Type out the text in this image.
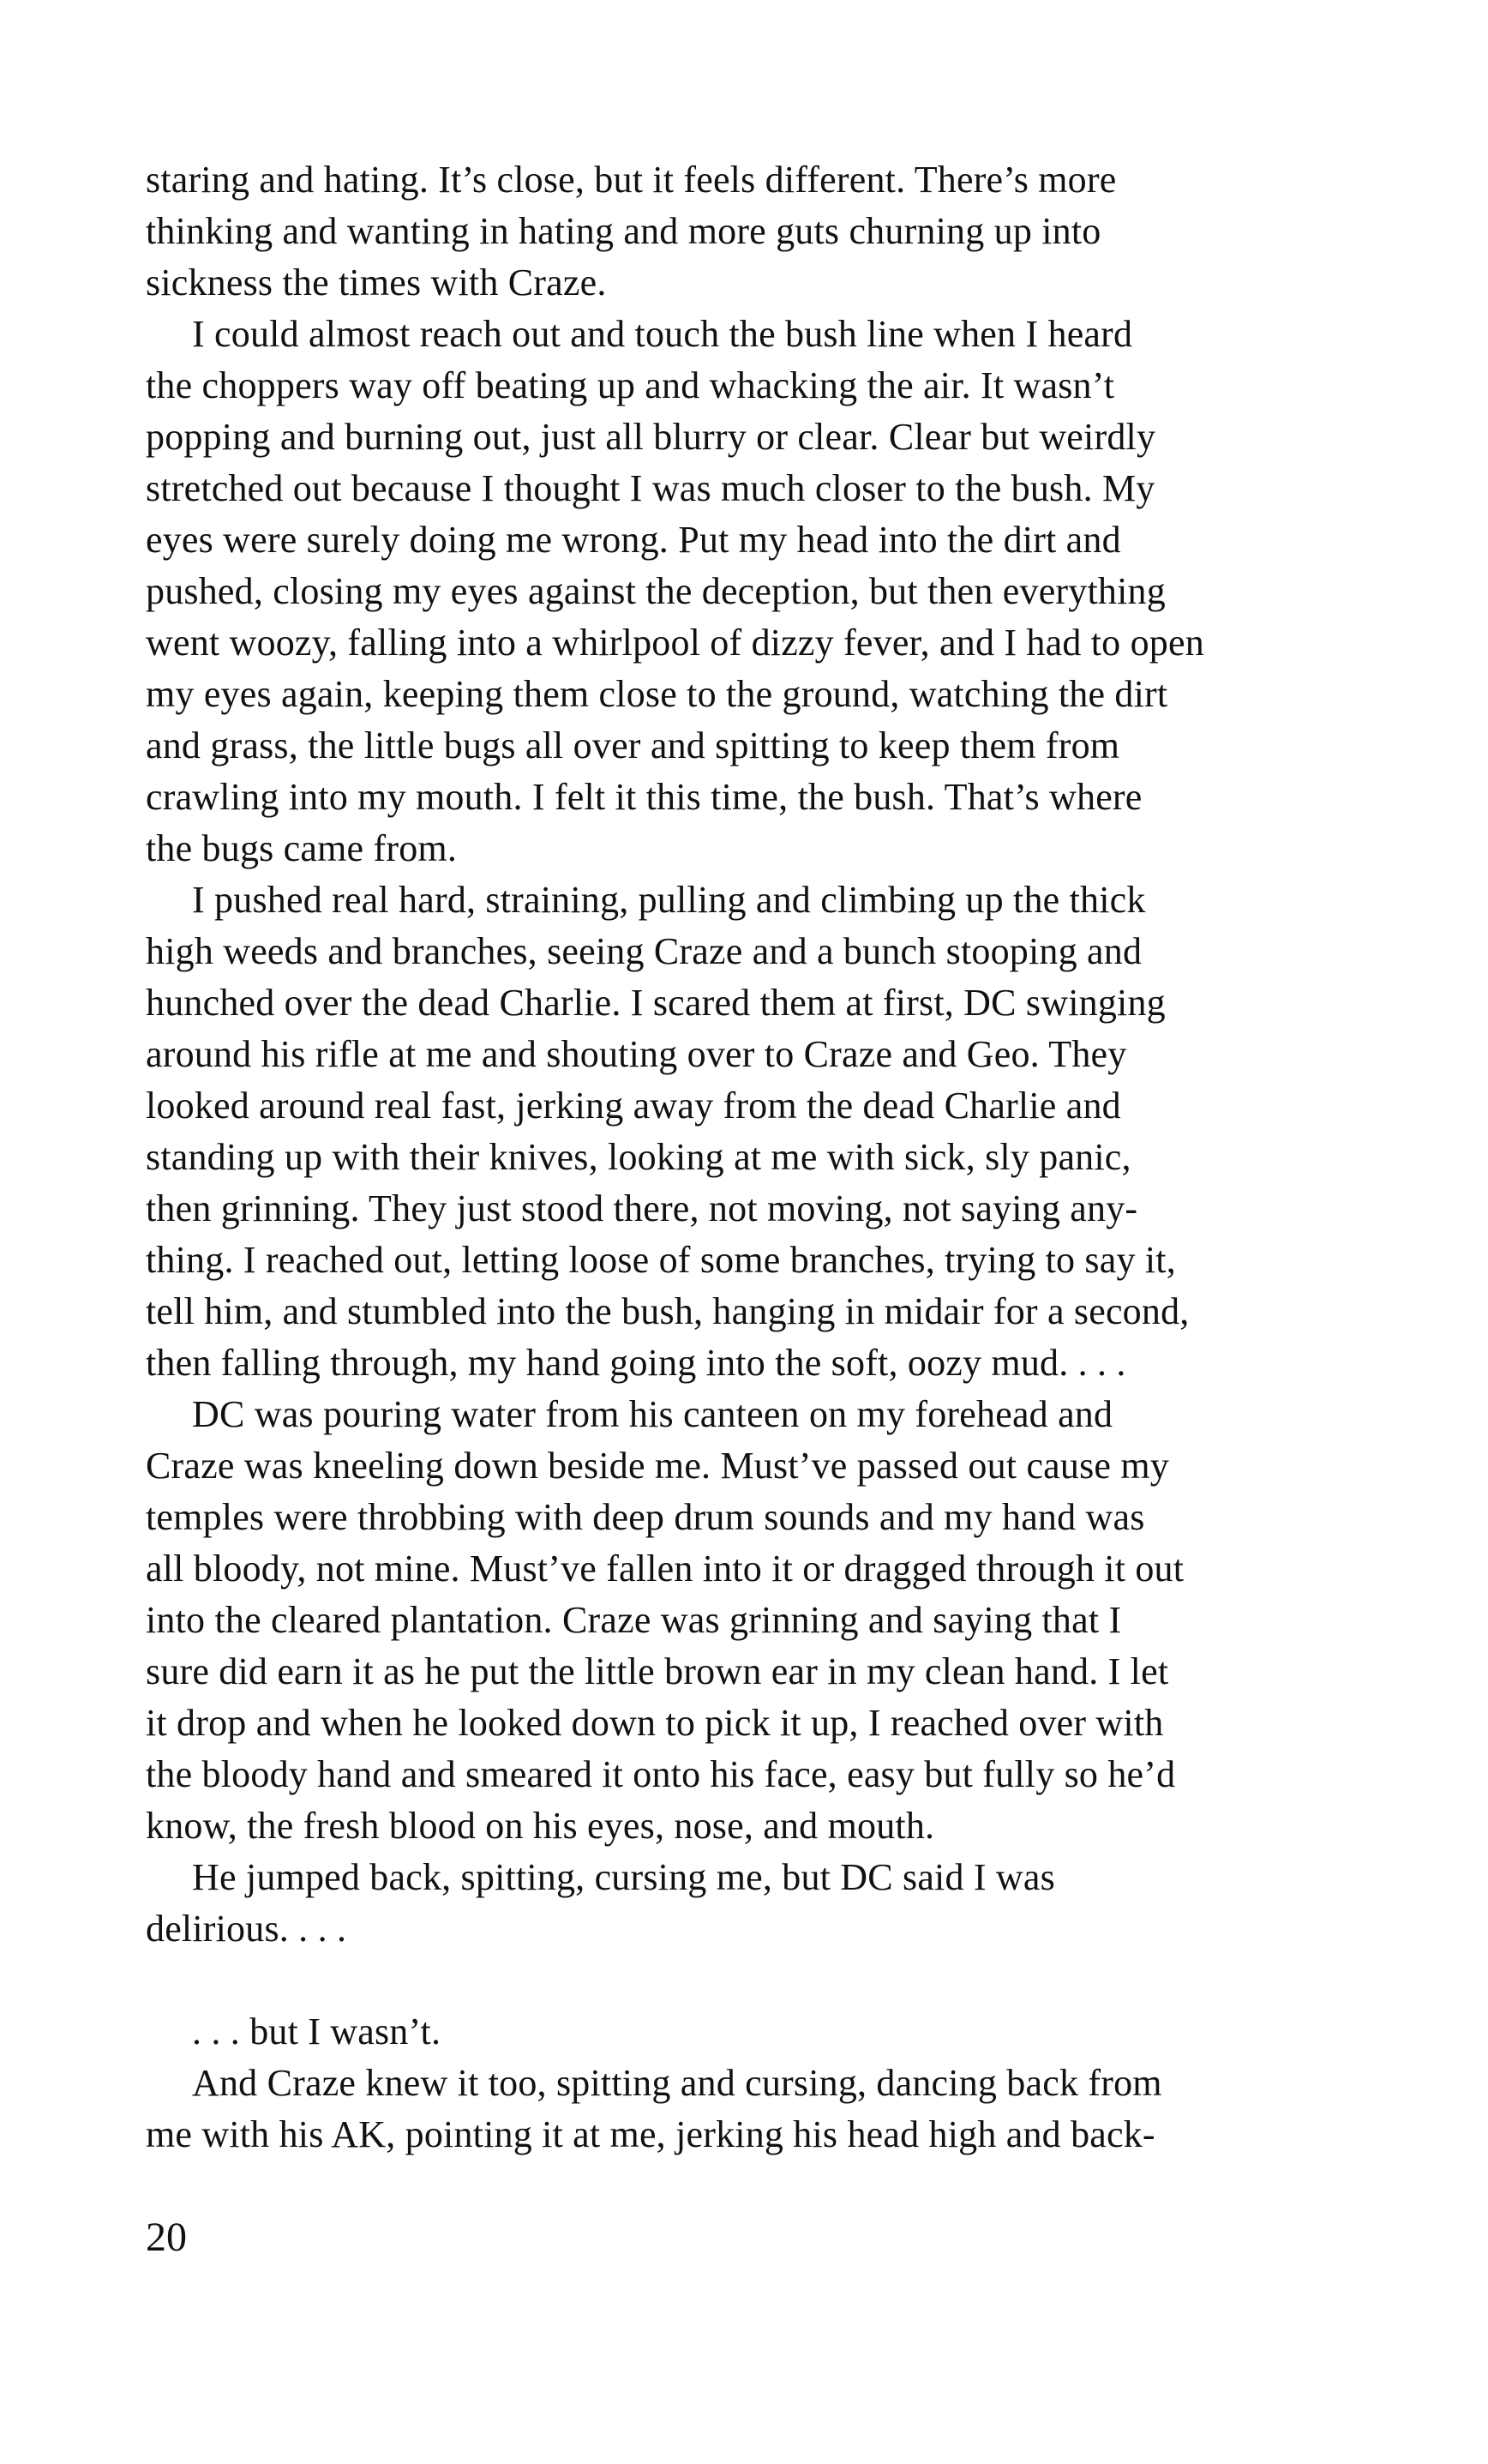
staring and hating. It’s close, but it feels different. There’s more
thinking and wanting in hating and more guts churning up into
sickness the times with Craze.
I could almost reach out and touch the bush line when I heard
the choppers way off beating up and whacking the air. It wasn’t
popping and burning out, just all blurry or clear. Clear but weirdly
stretched out because I thought I was much closer to the bush. My
eyes were surely doing me wrong. Put my head into the dirt and
pushed, closing my eyes against the deception, but then everything
went woozy, falling into a whirlpool of dizzy fever, and I had to open
my eyes again, keeping them close to the ground, watching the dirt
and grass, the little bugs all over and spitting to keep them from
crawling into my mouth. I felt it this time, the bush. That’s where
the bugs came from.
I pushed real hard, straining, pulling and climbing up the thick
high weeds and branches, seeing Craze and a bunch stooping and
hunched over the dead Charlie. I scared them at first, DC swinging
around his rifle at me and shouting over to Craze and Geo. They
looked around real fast, jerking away from the dead Charlie and
standing up with their knives, looking at me with sick, sly panic,
then grinning. They just stood there, not moving, not saying any-
thing. I reached out, letting loose of some branches, trying to say it,
tell him, and stumbled into the bush, hanging in midair for a second,
then falling through, my hand going into the soft, oozy mud. . . .
DC was pouring water from his canteen on my forehead and
Craze was kneeling down beside me. Must’ve passed out cause my
temples were throbbing with deep drum sounds and my hand was
all bloody, not mine. Must’ve fallen into it or dragged through it out
into the cleared plantation. Craze was grinning and saying that I
sure did earn it as he put the little brown ear in my clean hand. I let
it drop and when he looked down to pick it up, I reached over with
the bloody hand and smeared it onto his face, easy but fully so he’d
know, the fresh blood on his eyes, nose, and mouth.
He jumped back, spitting, cursing me, but DC said I was
delirious. . . .
. . . but I wasn’t.
And Craze knew it too, spitting and cursing, dancing back from
me with his AK, pointing it at me, jerking his head high and back-
20
